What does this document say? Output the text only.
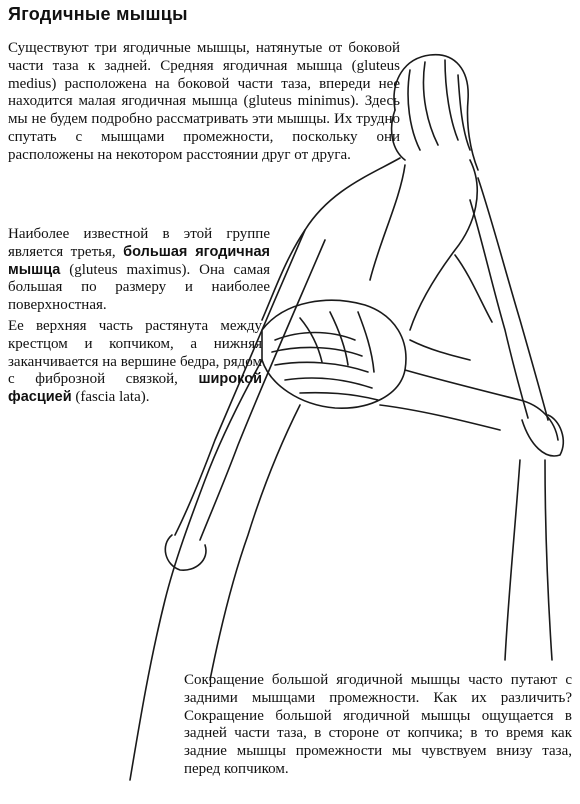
Ягодичные мышцы
Существуют три ягодичные мышцы, натянутые от боковой части таза к задней. Средняя ягодичная мышца (gluteus medius) расположена на боковой части таза, впереди нее находится малая ягодичная мышца (gluteus minimus). Здесь мы не будем подробно рассматривать эти мышцы. Их трудно спутать с мышцами промежности, поскольку они расположены на некотором расстоянии друг от друга.
Наиболее известной в этой группе является третья, большая ягодичная мышца (gluteus maximus). Она самая большая по размеру и наиболее поверхностная.
Ее верхняя часть растянута между крестцом и копчиком, а нижняя заканчивается на вершине бедра, рядом с фиброзной связкой, широкой фасцией (fascia lata).
Сокращение большой ягодичной мышцы часто путают с задними мышцами промежности. Как их различить? Сокращение большой ягодичной мышцы ощущается в задней части таза, в стороне от копчика; в то время как задние мышцы промежности мы чувствуем внизу таза, перед копчиком.
